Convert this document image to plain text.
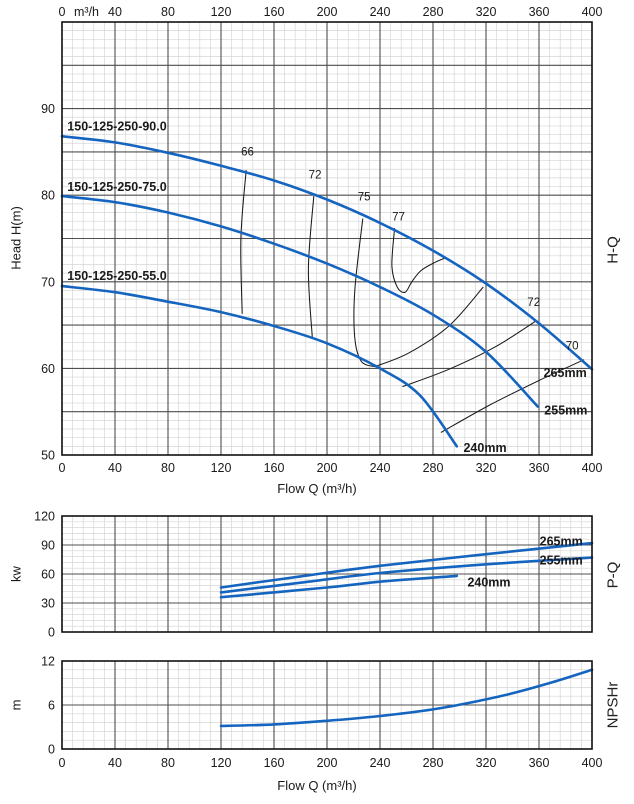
50
60
70
80
90
0	40	80	120	160	200	240	280	320	360	400
m³/h
0	40	80	120	160	200	240	280	320	360	400
150-125-250-90.0
150-125-250-75.0
150-125-250-55.0
265mm
255mm
240mm
66
72
75
77
72
70
0
30
60
90
120
265mm
255mm
240mm
0
6
12
0	40	80	120	160	200	240	280	320	360	400
Head H(m)
kw
m
H-Q
P-Q
NPSHr
Flow Q (m³/h)
Flow Q (m³/h)
